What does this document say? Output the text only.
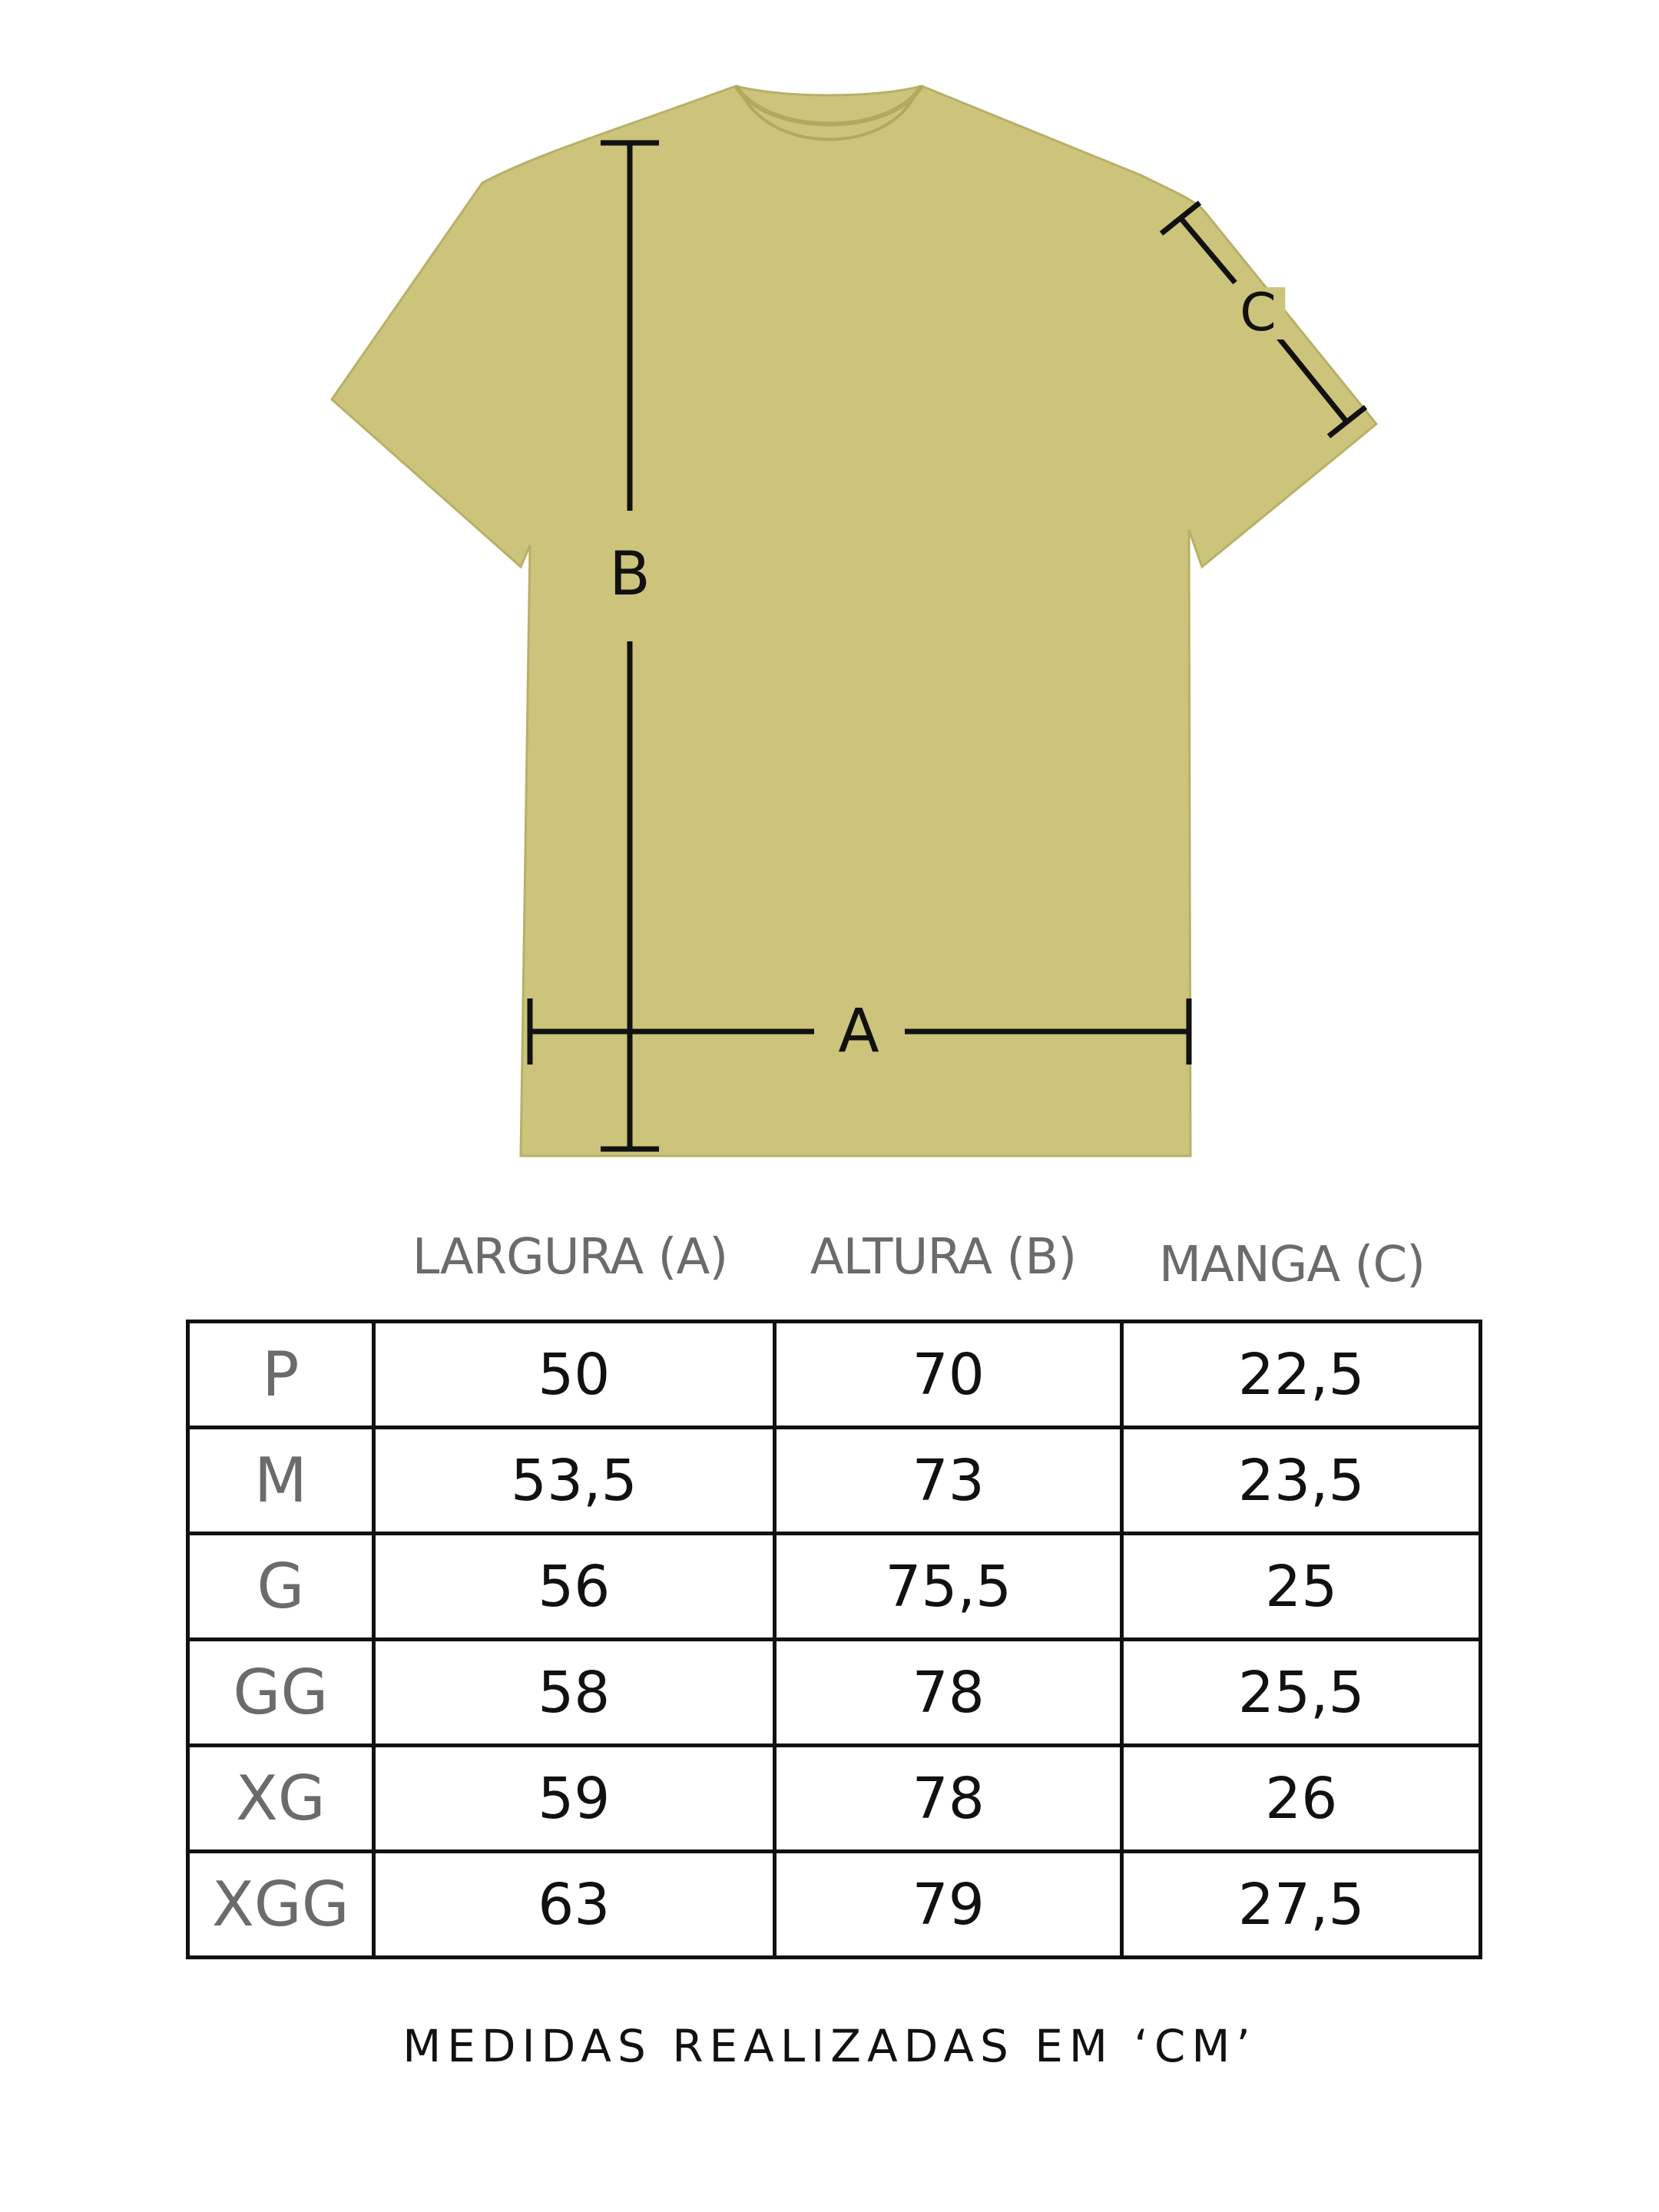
B
A
C
LARGURA (A) ALTURA (B) MANGA (C)
P	50	70	22,5
M	53,5	73	23,5
G	56	75,5	25
GG	58	78	25,5
XG	59	78	26
XGG	63	79	27,5
MEDIDAS REALIZADAS EM ‘CM’
